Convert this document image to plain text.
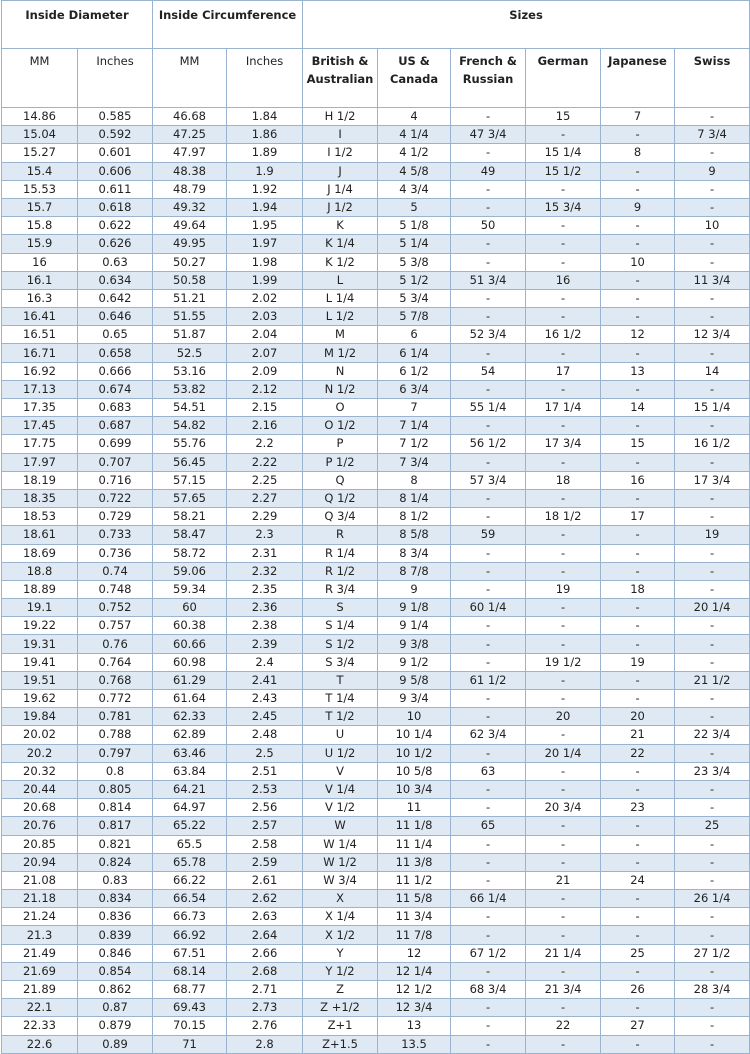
Inside Diameter		Inside Circumference		Sizes					
MM	Inches	MM	Inches	British & Australian	US & Canada	French & Russian	German	Japanese	Swiss
14.86	0.585	46.68	1.84	H 1/2	4	-	15	7	-
15.04	0.592	47.25	1.86	I	4 1/4	47 3/4	-	-	7 3/4
15.27	0.601	47.97	1.89	I 1/2	4 1/2	-	15 1/4	8	-
15.4	0.606	48.38	1.9	J	4 5/8	49	15 1/2	-	9
15.53	0.611	48.79	1.92	J 1/4	4 3/4	-	-	-	-
15.7	0.618	49.32	1.94	J 1/2	5	-	15 3/4	9	-
15.8	0.622	49.64	1.95	K	5 1/8	50	-	-	10
15.9	0.626	49.95	1.97	K 1/4	5 1/4	-	-	-	-
16	0.63	50.27	1.98	K 1/2	5 3/8	-	-	10	-
16.1	0.634	50.58	1.99	L	5 1/2	51 3/4	16	-	11 3/4
16.3	0.642	51.21	2.02	L 1/4	5 3/4	-	-	-	-
16.41	0.646	51.55	2.03	L 1/2	5 7/8	-	-	-	-
16.51	0.65	51.87	2.04	M	6	52 3/4	16 1/2	12	12 3/4
16.71	0.658	52.5	2.07	M 1/2	6 1/4	-	-	-	-
16.92	0.666	53.16	2.09	N	6 1/2	54	17	13	14
17.13	0.674	53.82	2.12	N 1/2	6 3/4	-	-	-	-
17.35	0.683	54.51	2.15	O	7	55 1/4	17 1/4	14	15 1/4
17.45	0.687	54.82	2.16	O 1/2	7 1/4	-	-	-	-
17.75	0.699	55.76	2.2	P	7 1/2	56 1/2	17 3/4	15	16 1/2
17.97	0.707	56.45	2.22	P 1/2	7 3/4	-	-	-	-
18.19	0.716	57.15	2.25	Q	8	57 3/4	18	16	17 3/4
18.35	0.722	57.65	2.27	Q 1/2	8 1/4	-	-	-	-
18.53	0.729	58.21	2.29	Q 3/4	8 1/2	-	18 1/2	17	-
18.61	0.733	58.47	2.3	R	8 5/8	59	-	-	19
18.69	0.736	58.72	2.31	R 1/4	8 3/4	-	-	-	-
18.8	0.74	59.06	2.32	R 1/2	8 7/8	-	-	-	-
18.89	0.748	59.34	2.35	R 3/4	9	-	19	18	-
19.1	0.752	60	2.36	S	9 1/8	60 1/4	-	-	20 1/4
19.22	0.757	60.38	2.38	S 1/4	9 1/4	-	-	-	-
19.31	0.76	60.66	2.39	S 1/2	9 3/8	-	-	-	-
19.41	0.764	60.98	2.4	S 3/4	9 1/2	-	19 1/2	19	-
19.51	0.768	61.29	2.41	T	9 5/8	61 1/2	-	-	21 1/2
19.62	0.772	61.64	2.43	T 1/4	9 3/4	-	-	-	-
19.84	0.781	62.33	2.45	T 1/2	10	-	20	20	-
20.02	0.788	62.89	2.48	U	10 1/4	62 3/4	-	21	22 3/4
20.2	0.797	63.46	2.5	U 1/2	10 1/2	-	20 1/4	22	-
20.32	0.8	63.84	2.51	V	10 5/8	63	-	-	23 3/4
20.44	0.805	64.21	2.53	V 1/4	10 3/4	-	-	-	-
20.68	0.814	64.97	2.56	V 1/2	11	-	20 3/4	23	-
20.76	0.817	65.22	2.57	W	11 1/8	65	-	-	25
20.85	0.821	65.5	2.58	W 1/4	11 1/4	-	-	-	-
20.94	0.824	65.78	2.59	W 1/2	11 3/8	-	-	-	-
21.08	0.83	66.22	2.61	W 3/4	11 1/2	-	21	24	-
21.18	0.834	66.54	2.62	X	11 5/8	66 1/4	-	-	26 1/4
21.24	0.836	66.73	2.63	X 1/4	11 3/4	-	-	-	-
21.3	0.839	66.92	2.64	X 1/2	11 7/8	-	-	-	-
21.49	0.846	67.51	2.66	Y	12	67 1/2	21 1/4	25	27 1/2
21.69	0.854	68.14	2.68	Y 1/2	12 1/4	-	-	-	-
21.89	0.862	68.77	2.71	Z	12 1/2	68 3/4	21 3/4	26	28 3/4
22.1	0.87	69.43	2.73	Z +1/2	12 3/4	-	-	-	-
22.33	0.879	70.15	2.76	Z+1	13	-	22	27	-
22.6	0.89	71	2.8	Z+1.5	13.5	-	-	-	-
